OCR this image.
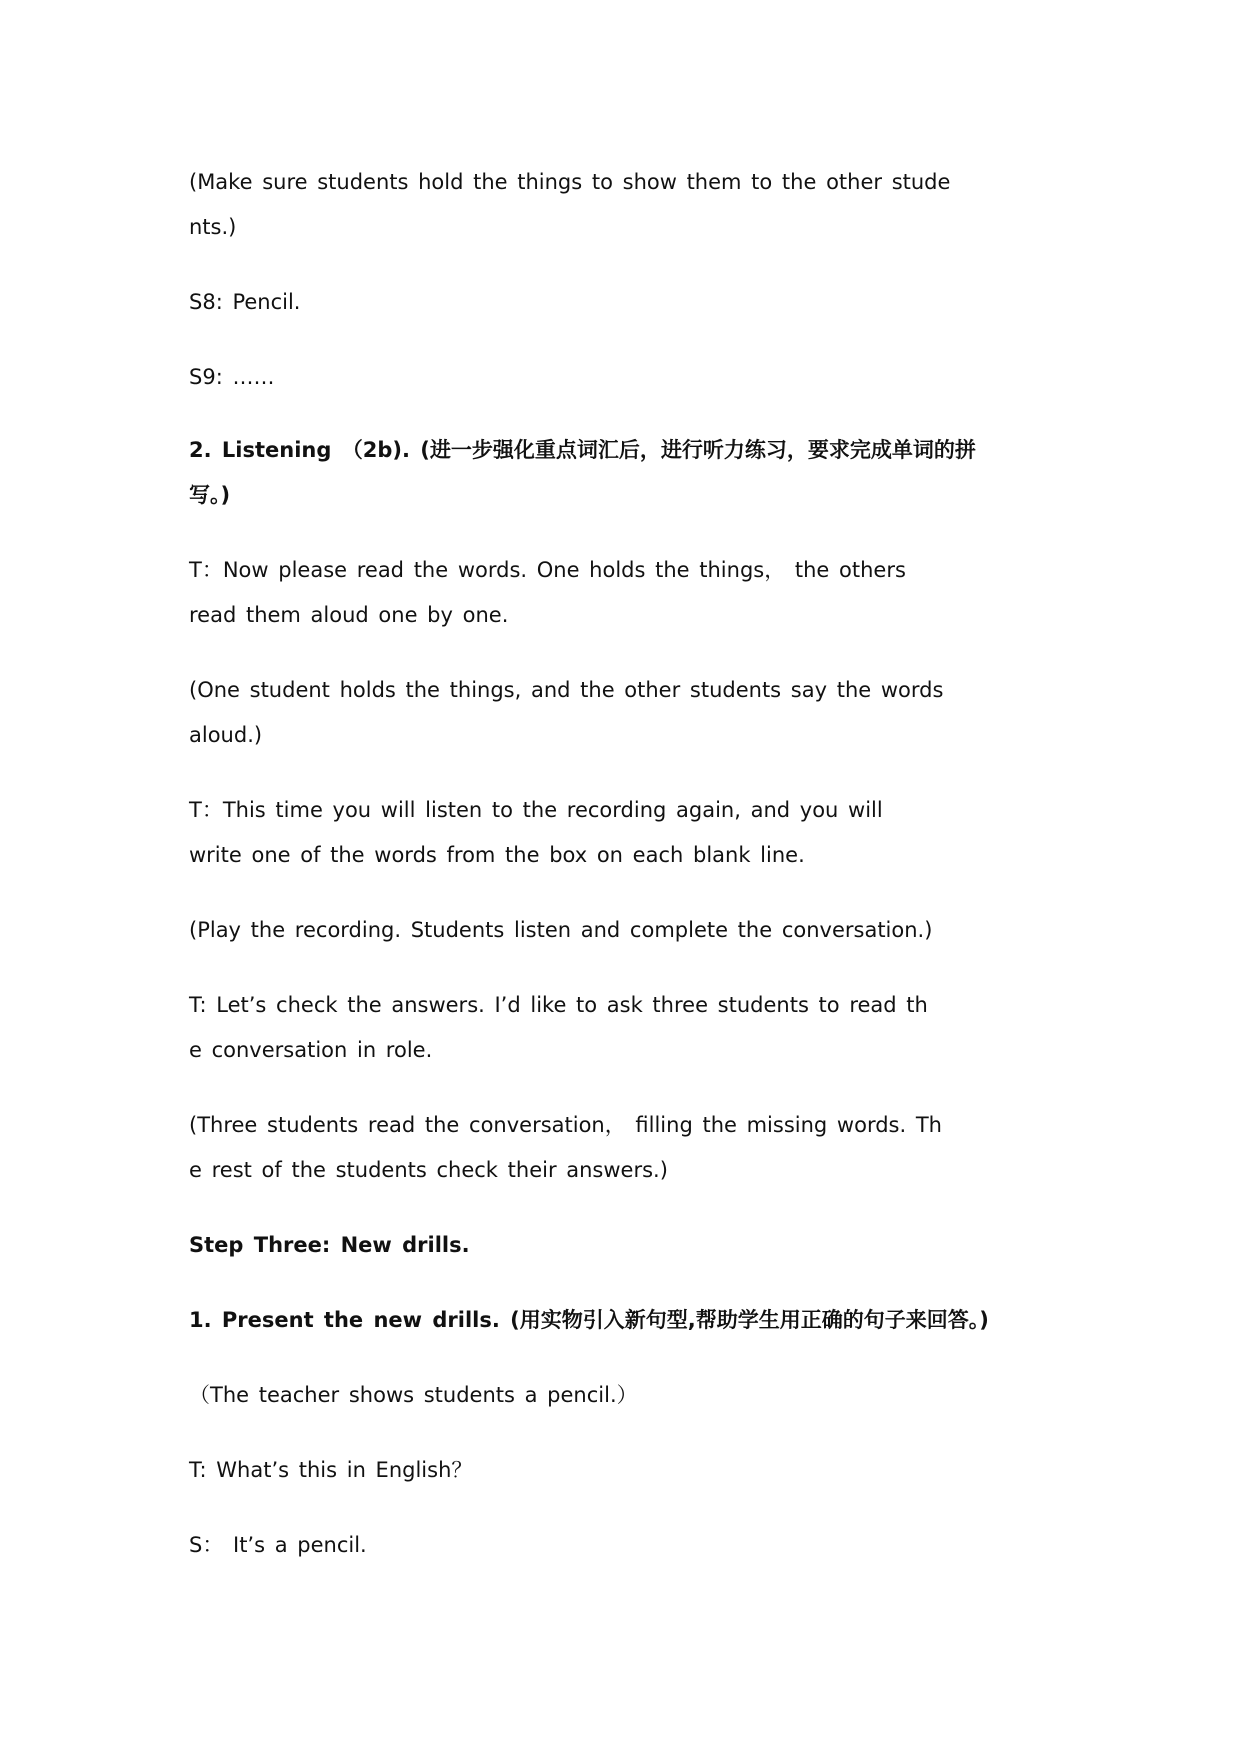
(Make sure students hold the things to show them to the other stude
nts.)
S8: Pencil.
S9: ……
2. Listening （2b). (进一步强化重点词汇后，进行听力练习，要求完成单词的拼
写。)
T：Now please read the words. One holds the things， the others
read them aloud one by one.
(One student holds the things, and the other students say the words
aloud.)
T：This time you will listen to the recording again, and you will
write one of the words from the box on each blank line.
(Play the recording. Students listen and complete the conversation.)
T: Let’s check the answers. I’d like to ask three students to read th
e conversation in role.
(Three students read the conversation， filling the missing words. Th
e rest of the students check their answers.)
Step Three: New drills.
1. Present the new drills. (用实物引入新句型,帮助学生用正确的句子来回答。)
（The teacher shows students a pencil.）
T: What’s this in English？
S： It’s a pencil.
